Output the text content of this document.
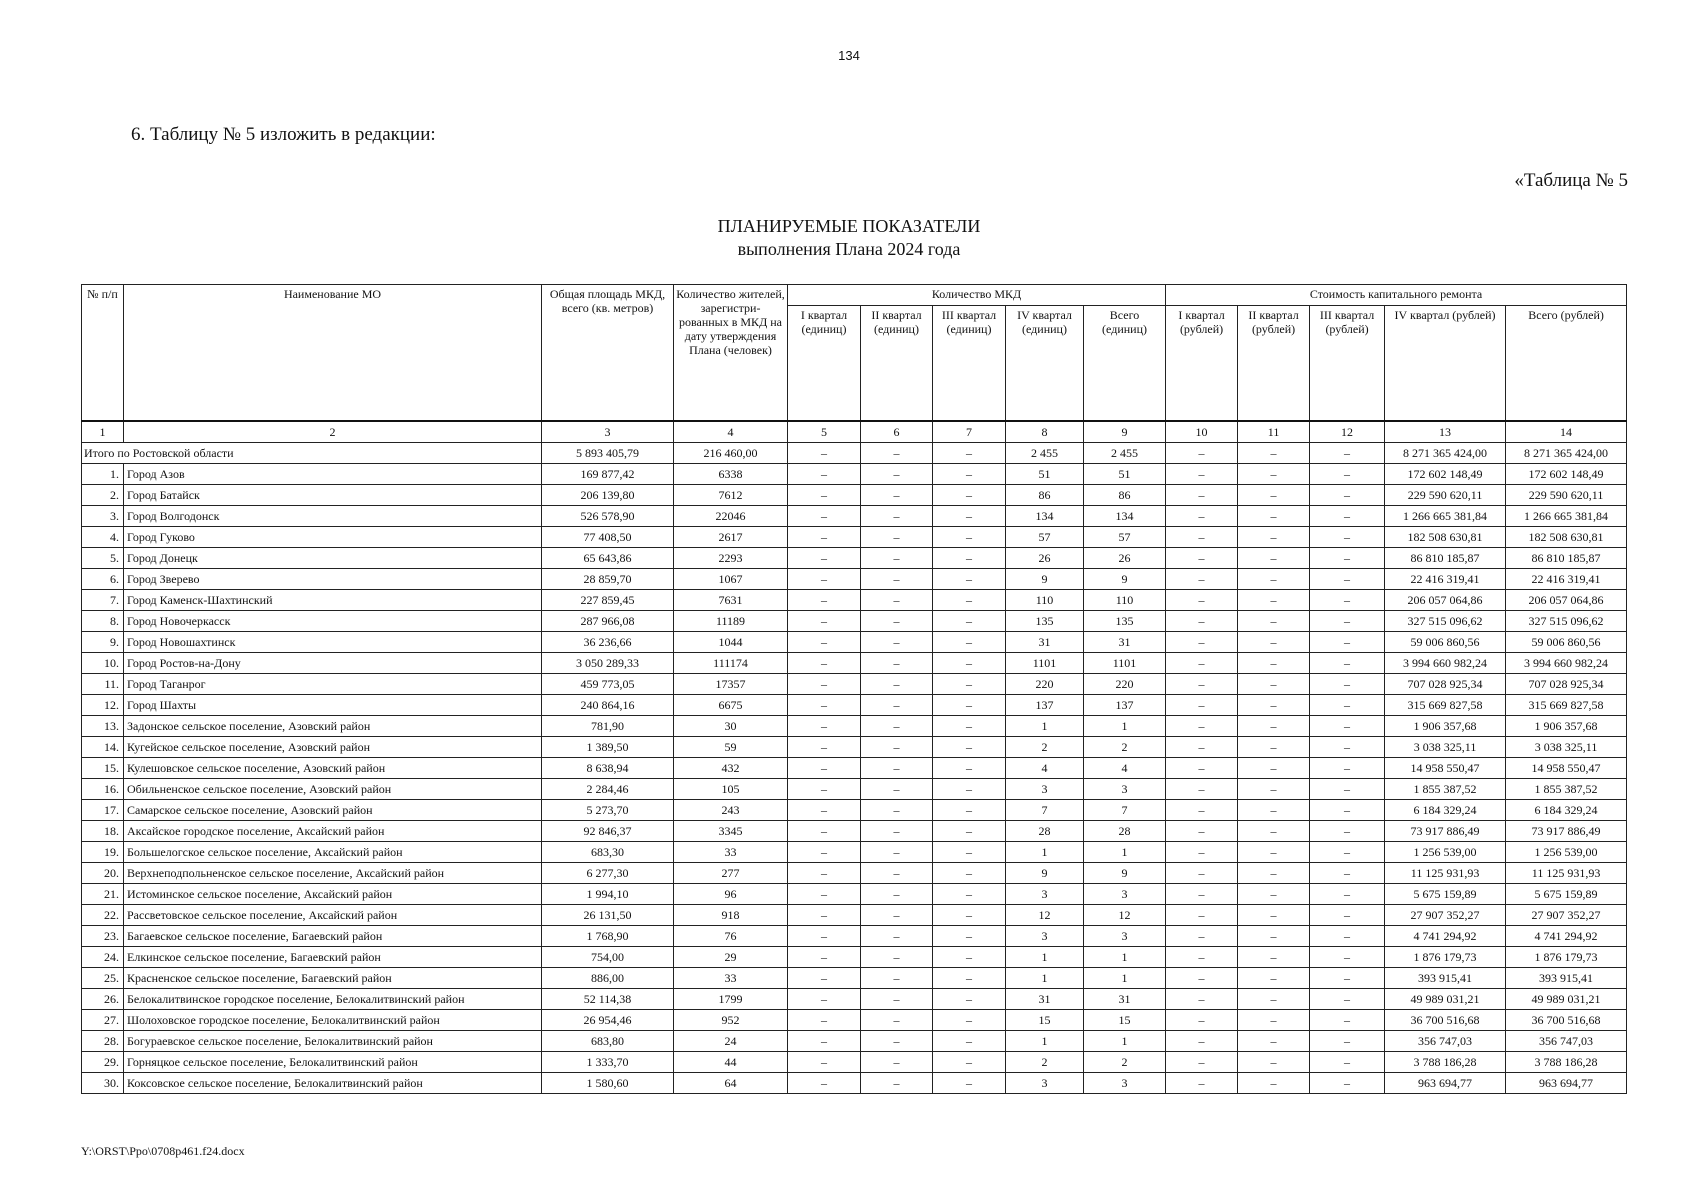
134
6. Таблицу № 5 изложить в редакции:
«Таблица № 5
ПЛАНИРУЕМЫЕ ПОКАЗАТЕЛИ
выполнения Плана 2024 года
№ п/п	Наименование МО	Общая площадь МКД, всего (кв. метров)	Количество жителей, зарегистри-рованных в МКД на дату утверждения Плана (человек)	Количество МКД					Стоимость капитального ремонта				
				I квартал (единиц)	II квартал (единиц)	III квартал (единиц)	IV квартал (единиц)	Всего (единиц)	I квартал (рублей)	II квартал (рублей)	III квартал (рублей)	IV квартал (рублей)	Всего (рублей)
1	2	3	4	5	6	7	8	9	10	11	12	13	14
Итого по Ростовской области		5 893 405,79	216 460,00	–	–	–	2 455	2 455	–	–	–	8 271 365 424,00	8 271 365 424,00
1.	Город Азов	169 877,42	6338	–	–	–	51	51	–	–	–	172 602 148,49	172 602 148,49
2.	Город Батайск	206 139,80	7612	–	–	–	86	86	–	–	–	229 590 620,11	229 590 620,11
3.	Город Волгодонск	526 578,90	22046	–	–	–	134	134	–	–	–	1 266 665 381,84	1 266 665 381,84
4.	Город Гуково	77 408,50	2617	–	–	–	57	57	–	–	–	182 508 630,81	182 508 630,81
5.	Город Донецк	65 643,86	2293	–	–	–	26	26	–	–	–	86 810 185,87	86 810 185,87
6.	Город Зверево	28 859,70	1067	–	–	–	9	9	–	–	–	22 416 319,41	22 416 319,41
7.	Город Каменск-Шахтинский	227 859,45	7631	–	–	–	110	110	–	–	–	206 057 064,86	206 057 064,86
8.	Город Новочеркасск	287 966,08	11189	–	–	–	135	135	–	–	–	327 515 096,62	327 515 096,62
9.	Город Новошахтинск	36 236,66	1044	–	–	–	31	31	–	–	–	59 006 860,56	59 006 860,56
10.	Город Ростов-на-Дону	3 050 289,33	111174	–	–	–	1101	1101	–	–	–	3 994 660 982,24	3 994 660 982,24
11.	Город Таганрог	459 773,05	17357	–	–	–	220	220	–	–	–	707 028 925,34	707 028 925,34
12.	Город Шахты	240 864,16	6675	–	–	–	137	137	–	–	–	315 669 827,58	315 669 827,58
13.	Задонское сельское поселение, Азовский район	781,90	30	–	–	–	1	1	–	–	–	1 906 357,68	1 906 357,68
14.	Кугейское сельское поселение, Азовский район	1 389,50	59	–	–	–	2	2	–	–	–	3 038 325,11	3 038 325,11
15.	Кулешовское сельское поселение, Азовский район	8 638,94	432	–	–	–	4	4	–	–	–	14 958 550,47	14 958 550,47
16.	Обильненское сельское поселение, Азовский район	2 284,46	105	–	–	–	3	3	–	–	–	1 855 387,52	1 855 387,52
17.	Самарское сельское поселение, Азовский район	5 273,70	243	–	–	–	7	7	–	–	–	6 184 329,24	6 184 329,24
18.	Аксайское городское поселение, Аксайский район	92 846,37	3345	–	–	–	28	28	–	–	–	73 917 886,49	73 917 886,49
19.	Большелогское сельское поселение, Аксайский район	683,30	33	–	–	–	1	1	–	–	–	1 256 539,00	1 256 539,00
20.	Верхнеподпольненское сельское поселение, Аксайский район	6 277,30	277	–	–	–	9	9	–	–	–	11 125 931,93	11 125 931,93
21.	Истоминское сельское поселение, Аксайский район	1 994,10	96	–	–	–	3	3	–	–	–	5 675 159,89	5 675 159,89
22.	Рассветовское сельское поселение, Аксайский район	26 131,50	918	–	–	–	12	12	–	–	–	27 907 352,27	27 907 352,27
23.	Багаевское сельское поселение, Багаевский район	1 768,90	76	–	–	–	3	3	–	–	–	4 741 294,92	4 741 294,92
24.	Елкинское сельское поселение, Багаевский район	754,00	29	–	–	–	1	1	–	–	–	1 876 179,73	1 876 179,73
25.	Красненское сельское поселение, Багаевский район	886,00	33	–	–	–	1	1	–	–	–	393 915,41	393 915,41
26.	Белокалитвинское городское поселение, Белокалитвинский район	52 114,38	1799	–	–	–	31	31	–	–	–	49 989 031,21	49 989 031,21
27.	Шолоховское городское поселение, Белокалитвинский район	26 954,46	952	–	–	–	15	15	–	–	–	36 700 516,68	36 700 516,68
28.	Богураевское сельское поселение, Белокалитвинский район	683,80	24	–	–	–	1	1	–	–	–	356 747,03	356 747,03
29.	Горняцкое сельское поселение, Белокалитвинский район	1 333,70	44	–	–	–	2	2	–	–	–	3 788 186,28	3 788 186,28
30.	Коксовское сельское поселение, Белокалитвинский район	1 580,60	64	–	–	–	3	3	–	–	–	963 694,77	963 694,77
Y:\ORST\Ppo\0708p461.f24.docx
